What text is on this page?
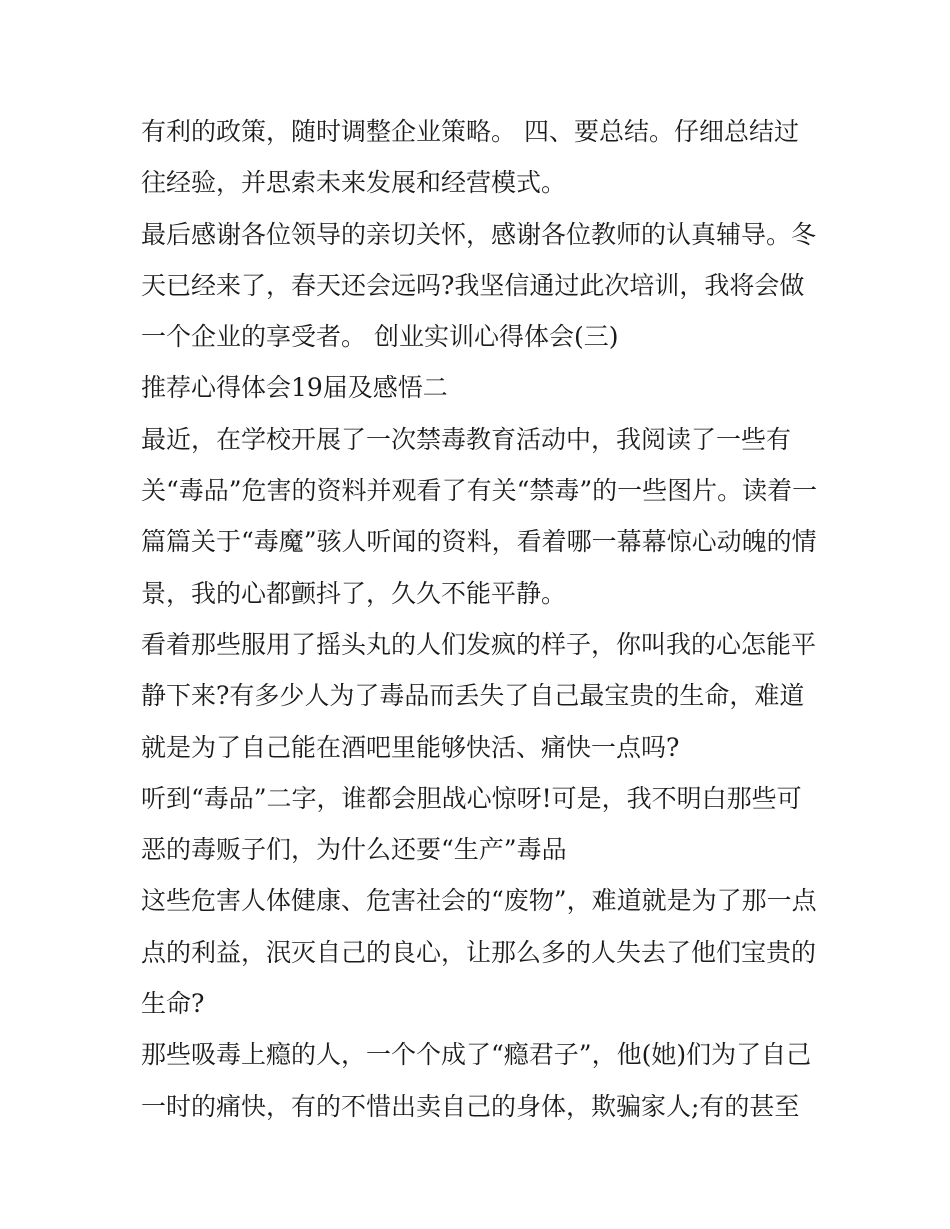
有利的政策，随时调整企业策略。 四、要总结。仔细总结过
往经验，并思索未来发展和经营模式。
最后感谢各位领导的亲切关怀，感谢各位教师的认真辅导。冬
天已经来了，春天还会远吗?我坚信通过此次培训，我将会做
一个企业的享受者。 创业实训心得体会(三)
推荐心得体会19届及感悟二
最近，在学校开展了一次禁毒教育活动中，我阅读了一些有
关“毒品”危害的资料并观看了有关“禁毒”的一些图片。读着一
篇篇关于“毒魔”骇人听闻的资料，看着哪一幕幕惊心动魄的情
景，我的心都颤抖了，久久不能平静。
看着那些服用了摇头丸的人们发疯的样子，你叫我的心怎能平
静下来?有多少人为了毒品而丢失了自己最宝贵的生命，难道
就是为了自己能在酒吧里能够快活、痛快一点吗?
听到“毒品”二字，谁都会胆战心惊呀!可是，我不明白那些可
恶的毒贩子们，为什么还要“生产”毒品
这些危害人体健康、危害社会的“废物”，难道就是为了那一点
点的利益，泯灭自己的良心，让那么多的人失去了他们宝贵的
生命?
那些吸毒上瘾的人，一个个成了“瘾君子”，他(她)们为了自己
一时的痛快，有的不惜出卖自己的身体，欺骗家人;有的甚至
